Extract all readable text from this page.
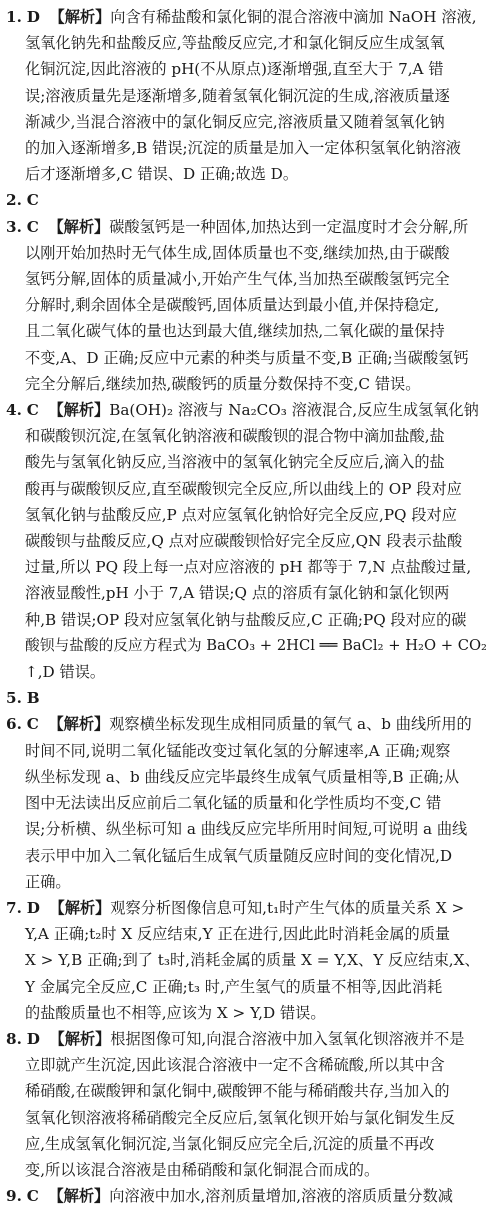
1. D 【解析】向含有稀盐酸和氯化铜的混合溶液中滴加 NaOH 溶液,
氢氧化钠先和盐酸反应,等盐酸反应完,才和氯化铜反应生成氢氧
化铜沉淀,因此溶液的 pH(不从原点)逐渐增强,直至大于 7,A 错
误;溶液质量先是逐渐增多,随着氢氧化铜沉淀的生成,溶液质量逐
渐减少,当混合溶液中的氯化铜反应完,溶液质量又随着氢氧化钠
的加入逐渐增多,B 错误;沉淀的质量是加入一定体积氢氧化钠溶液
后才逐渐增多,C 错误、D 正确;故选 D。
2. C
3. C 【解析】碳酸氢钙是一种固体,加热达到一定温度时才会分解,所
以刚开始加热时无气体生成,固体质量也不变,继续加热,由于碳酸
氢钙分解,固体的质量减小,开始产生气体,当加热至碳酸氢钙完全
分解时,剩余固体全是碳酸钙,固体质量达到最小值,并保持稳定,
且二氧化碳气体的量也达到最大值,继续加热,二氧化碳的量保持
不变,A、D 正确;反应中元素的种类与质量不变,B 正确;当碳酸氢钙
完全分解后,继续加热,碳酸钙的质量分数保持不变,C 错误。
4. C 【解析】Ba(OH)₂ 溶液与 Na₂CO₃ 溶液混合,反应生成氢氧化钠
和碳酸钡沉淀,在氢氧化钠溶液和碳酸钡的混合物中滴加盐酸,盐
酸先与氢氧化钠反应,当溶液中的氢氧化钠完全反应后,滴入的盐
酸再与碳酸钡反应,直至碳酸钡完全反应,所以曲线上的 OP 段对应
氢氧化钠与盐酸反应,P 点对应氢氧化钠恰好完全反应,PQ 段对应
碳酸钡与盐酸反应,Q 点对应碳酸钡恰好完全反应,QN 段表示盐酸
过量,所以 PQ 段上每一点对应溶液的 pH 都等于 7,N 点盐酸过量,
溶液显酸性,pH 小于 7,A 错误;Q 点的溶质有氯化钠和氯化钡两
种,B 错误;OP 段对应氢氧化钠与盐酸反应,C 正确;PQ 段对应的碳
酸钡与盐酸的反应方程式为 BaCO₃ + 2HCl ══ BaCl₂ + H₂O + CO₂
↑,D 错误。
5. B
6. C 【解析】观察横坐标发现生成相同质量的氧气 a、b 曲线所用的
时间不同,说明二氧化锰能改变过氧化氢的分解速率,A 正确;观察
纵坐标发现 a、b 曲线反应完毕最终生成氧气质量相等,B 正确;从
图中无法读出反应前后二氧化锰的质量和化学性质均不变,C 错
误;分析横、纵坐标可知 a 曲线反应完毕所用时间短,可说明 a 曲线
表示甲中加入二氧化锰后生成氧气质量随反应时间的变化情况,D
正确。
7. D 【解析】观察分析图像信息可知,t₁时产生气体的质量关系 X >
Y,A 正确;t₂时 X 反应结束,Y 正在进行,因此此时消耗金属的质量
X > Y,B 正确;到了 t₃时,消耗金属的质量 X = Y,X、Y 反应结束,X、
Y 金属完全反应,C 正确;t₃ 时,产生氢气的质量不相等,因此消耗
的盐酸质量也不相等,应该为 X > Y,D 错误。
8. D 【解析】根据图像可知,向混合溶液中加入氢氧化钡溶液并不是
立即就产生沉淀,因此该混合溶液中一定不含稀硫酸,所以其中含
稀硝酸,在碳酸钾和氯化铜中,碳酸钾不能与稀硝酸共存,当加入的
氢氧化钡溶液将稀硝酸完全反应后,氢氧化钡开始与氯化铜发生反
应,生成氢氧化铜沉淀,当氯化铜反应完全后,沉淀的质量不再改
变,所以该混合溶液是由稀硝酸和氯化铜混合而成的。
9. C 【解析】向溶液中加水,溶剂质量增加,溶液的溶质质量分数减
